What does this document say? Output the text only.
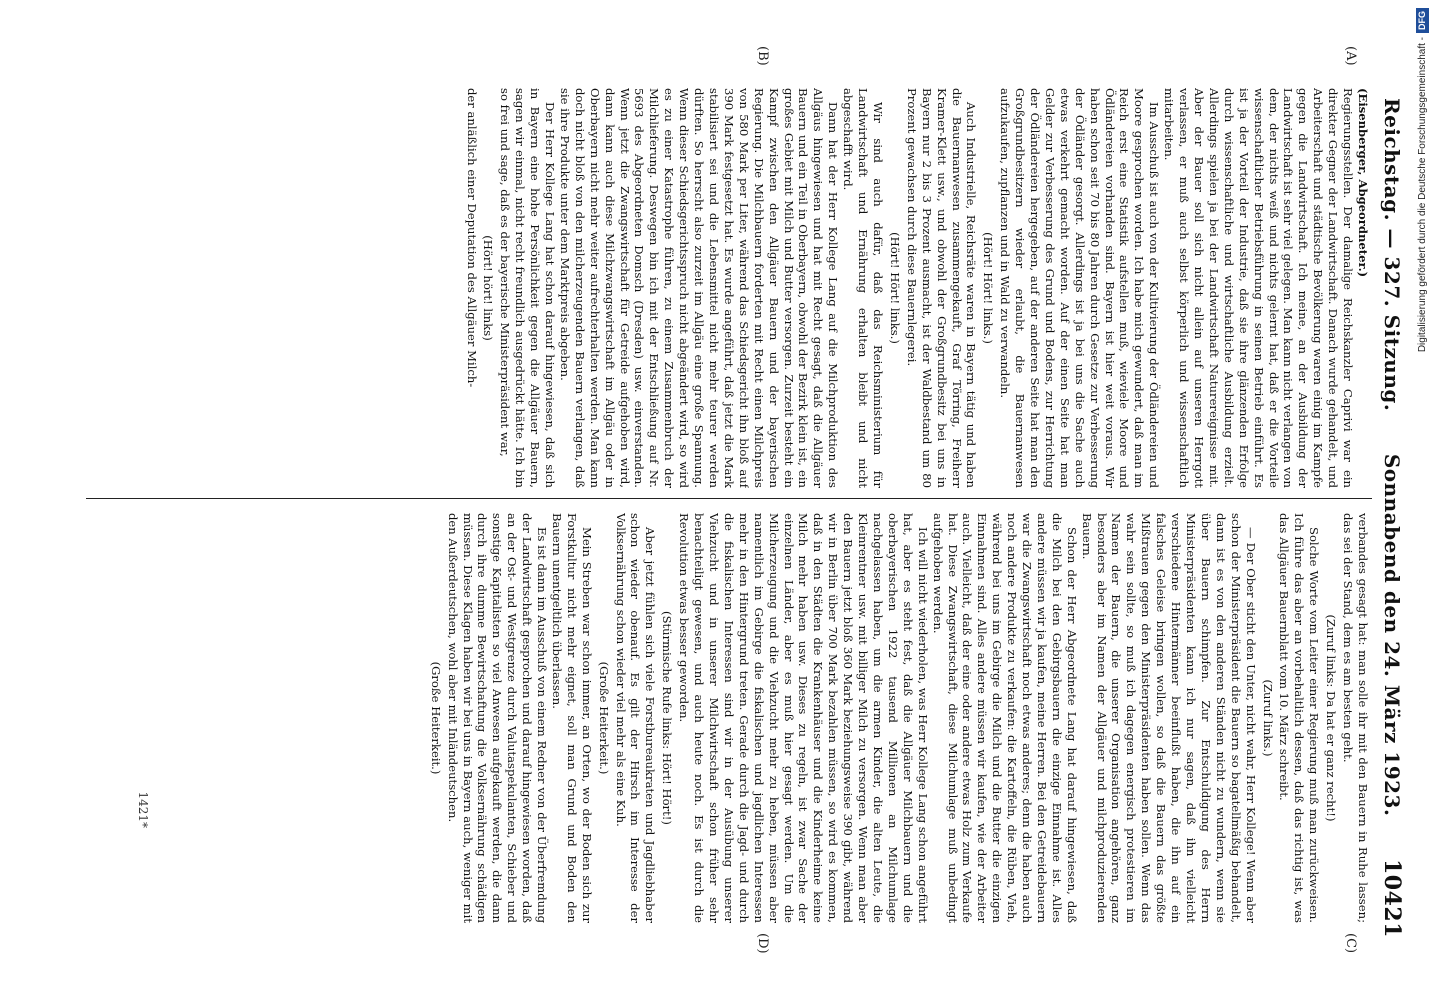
Reichstag. — 327. Sitzung.
Sonnabend den 24. März 1923.
10421
(A)
(B)
(C)
(D)

(Eisenberger, Abgeordneter.)

Regierungsstellen. Der damalige Reichskanzler Caprivi war ein direkter Gegner der Landwirtschaft. Danach wurde gehandelt, und Arbeiterschaft und städtische Bevölkerung waren einig im Kampfe gegen die Landwirtschaft. Ich meine, an der Ausbildung der Landwirtschaft ist sehr viel gelegen. Man kann nicht verlangen von dem, der nichts weiß und nichts gelernt hat, daß er die Vorteile wissenschaftlicher Betriebsführung in seinen Betrieb einführt. Es ist ja der Vorteil der Industrie, daß sie ihre glänzenden Erfolge durch wissenschaftliche und wirtschaftliche Ausbildung erzielt. Allerdings spielen ja bei der Landwirtschaft Naturereignisse mit. Aber der Bauer soll sich nicht allein auf unseren Herrgott verlassen, er muß auch selbst körperlich und wissenschaftlich mitarbeiten.

Im Ausschuß ist auch von der Kultivierung der Ödländereien und Moore gesprochen worden. Ich habe mich gewundert, daß man im Reich erst eine Statistik aufstellen muß, wieviele Moore und Ödländereien vorhanden sind. Bayern ist hier weit voraus. Wir haben schon seit 70 bis 80 Jahren durch Gesetze zur Verbesserung der Ödländer gesorgt. Allerdings ist ja bei uns die Sache auch etwas verkehrt gemacht worden. Auf der einen Seite hat man Gelder zur Verbesserung des Grund und Bodens, zur Herrichtung der Ödländereien hergegeben, auf der anderen Seite hat man den Großgrundbesitzern wieder erlaubt, die Bauernanwesen aufzukaufen, zupflanzen und in Wald zu verwandeln.

(Hört! Hört! links.)

Auch Industrielle, Reichsräte waren in Bayern tätig und haben die Bauernanwesen zusammengekauft, Graf Törring, Freiherr Kramer-Klett usw., und obwohl der Großgrundbesitz bei uns in Bayern nur 2 bis 3 Prozent ausmacht, ist der Waldbestand um 80 Prozent gewachsen durch diese Bauernlegerei.

(Hört! Hört! links.)

Wir sind auch dafür, daß das Reichsministerium für Landwirtschaft und Ernährung erhalten bleibt und nicht abgeschafft wird.

Dann hat der Herr Kollege Lang auf die Milchproduktion des Allgäus hingewiesen und hat mit Recht gesagt, daß die Allgäuer Bauern und ein Teil in Oberbayern, obwohl der Bezirk klein ist, ein großes Gebiet mit Milch und Butter versorgen. Zurzeit besteht ein Kampf zwischen den Allgäuer Bauern und der bayerischen Regierung. Die Milchbauern forderten mit Recht einen Milchpreis von 580 Mark per Liter, während das Schiedsgericht ihn bloß auf 390 Mark festgesetzt hat. Es wurde angeführt, daß jetzt die Mark stabilisiert sei und die Lebensmittel nicht mehr teurer werden dürften. So herrscht also zurzeit im Allgäu eine große Spannung. Wenn dieser Schiedsgerichtsspruch nicht abgeändert wird, so wird es zu einer Katastrophe führen, zu einem Zusammenbruch der Milchlieferung. Deswegen bin ich mit der Entschließung auf Nr. 5693 des Abgeordneten Domsch (Dresden) usw. einverstanden. Wenn jetzt die Zwangswirtschaft für Getreide aufgehoben wird, dann kann auch diese Milchzwangswirtschaft im Allgäu oder in Oberbayern nicht mehr weiter aufrechterhalten werden. Man kann doch nicht bloß von den milcherzeugenden Bauern verlangen, daß sie ihre Produkte unter dem Marktpreis abgeben.

Der Herr Kollege Lang hat schon darauf hingewiesen, daß sich in Bayern eine hohe Persönlichkeit gegen die Allgäuer Bauern, sagen wir einmal, nicht recht freundlich ausgedrückt hätte. Ich bin so frei und sage, daß es der bayerische Ministerpräsident war,

(Hört! hört! links)

der anläßlich einer Deputation des Allgäuer Milch-

verbandes gesagt hat: man solle ihr mit den Bauern in Ruhe lassen; das sei der Stand, dem es am besten geht.

(Zuruf links: Da hat er ganz recht!)

Solche Worte vom Leiter einer Regierung muß man zurückweisen. Ich führe das aber an vorbehaltlich dessen, daß das richtig ist, was das Allgäuer Bauernblatt vom 10. März schreibt.

(Zuruf links.)

— Der Ober sticht den Unter, nicht wahr, Herr Kollege! Wenn aber schon der Ministerpräsident die Bauern so bagatellmäßig behandelt, dann ist es von den anderen Ständen nicht zu wundern, wenn sie über Bauern schimpfen. Zur Entschuldigung des Herrn Ministerpräsidenten kann ich nur sagen, daß ihn vielleicht verschiedene Hintermänner beeinflußt haben, die ihn auf ein falsches Geleise bringen wollen, so daß die Bauern das größte Mißtrauen gegen den Ministerpräsidenten haben sollen. Wenn das wahr sein sollte, so muß ich dagegen energisch protestieren im Namen der Bauern, die unserer Organisation angehören, ganz besonders aber im Namen der Allgäuer und milchproduzierenden Bauern.

Schon der Herr Abgeordnete Lang hat darauf hingewiesen, daß die Milch bei den Gebirgsbauern die einzige Einnahme ist. Alles andere müssen wir ja kaufen, meine Herren. Bei den Getreidebauern war die Zwangswirtschaft noch etwas anderes; denn die haben auch noch andere Produkte zu verkaufen: die Kartoffeln, die Rüben, Vieh, während bei uns im Gebirge die Milch und die Butter die einzigen Einnahmen sind. Alles andere müssen wir kaufen, wie der Arbeiter auch. Vielleicht, daß der eine oder andere etwas Holz zum Verkaufe hat. Diese Zwangswirtschaft, diese Milchumlage muß unbedingt aufgehoben werden.

Ich will nicht wiederholen, was Herr Kollege Lang schon angeführt hat, aber es steht fest, daß die Allgäuer Milchbauern und die oberbayerischen 1922 tausend Millionen an Milchumlage nachgelassen haben, um die armen Kinder, die alten Leute, die Kleinrentner usw. mit billiger Milch zu versorgen. Wenn man aber den Bauern jetzt bloß 360 Mark beziehungsweise 390 gibt, während wir in Berlin über 700 Mark bezahlen müssen, so wird es kommen, daß in den Städten die Krankenhäuser und die Kinderheime keine Milch mehr haben usw. Dieses zu regeln, ist zwar Sache der einzelnen Länder, aber es muß hier gesagt werden. Um die Milcherzeugung und die Viehzucht mehr zu heben, müssen aber namentlich im Gebirge die fiskalischen und jagdlichen Interessen mehr in den Hintergrund treten. Gerade durch die Jagd- und durch die fiskalischen Interessen sind wir in der Ausübung unserer Viehzucht und in unserer Milchwirtschaft schon früher sehr benachteiligt gewesen, und auch heute noch. Es ist durch die Revolution etwas besser geworden.

(Stürmische Rufe links: Hört! Hört!)

Aber jetzt fühlen sich viele Forstbureaukraten und Jagdliebhaber schon wieder obenauf. Es gilt der Hirsch im Interesse der Volksernährung schon wieder viel mehr als eine Kuh.

(Große Heiterkeit.)

Mein Streben war schon immer, an Orten, wo der Boden sich zur Forstkultur nicht mehr eignet, soll man Grund und Boden den Bauern unentgeltlich überlassen.

Es ist dann im Ausschuß von einem Redner von der Überfremdung der Landwirtschaft gesprochen und darauf hingewiesen worden, daß an der Ost- und Westgrenze durch Valutaspekulanten, Schieber und sonstige Kapitalisten so viel Anwesen aufgekauft werden, die dann durch ihre dumme Bewirtschaftung die Volksernährung schädigen müssen. Diese Klagen haben wir bei uns in Bayern auch, weniger mit den Außerdeutschen, wohl aber mit Inländeutschen.

(Große Heiterkeit.)

1421*
Digitalisierung gefördert durch die Deutsche Forschungsgemeinschaft -
DFG
